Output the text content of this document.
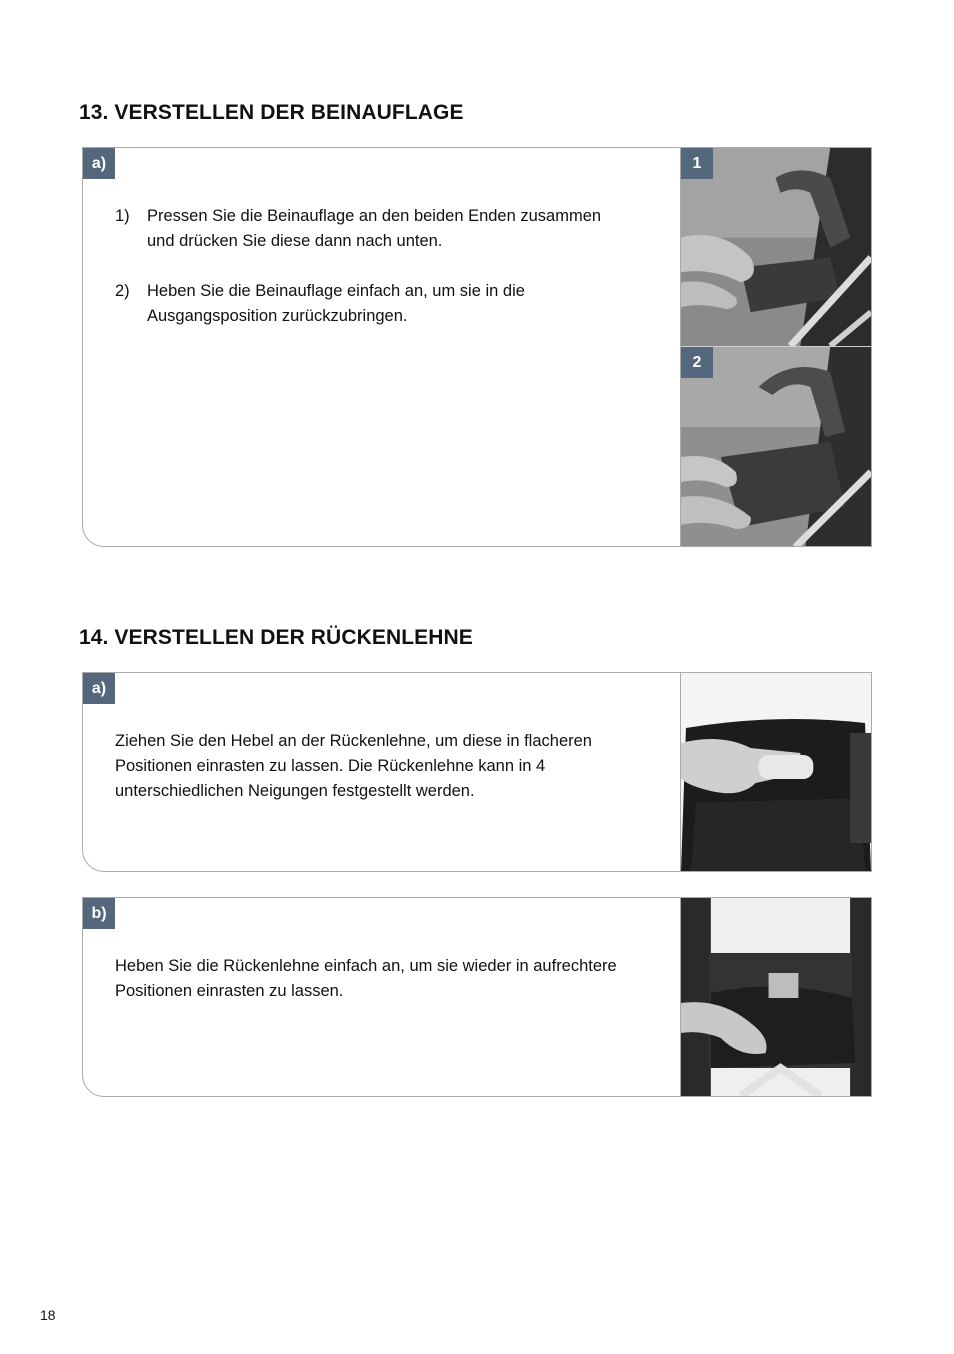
13. VERSTELLEN DER BEINAUFLAGE
a)
1) Pressen Sie die Beinauflage an den beiden Enden zusammen und drücken Sie diese dann nach unten.
2) Heben Sie die Beinauflage einfach an, um sie in die Ausgangsposition zurückzubringen.
1
2
14. VERSTELLEN DER RÜCKENLEHNE
a)

Ziehen Sie den Hebel an der Rückenlehne, um diese in flacheren Positionen einrasten zu lassen. Die Rückenlehne kann in 4 unterschiedlichen Neigungen festgestellt werden.

b)

Heben Sie die Rückenlehne einfach an, um sie wieder in aufrechtere Positionen einrasten zu lassen.

18
